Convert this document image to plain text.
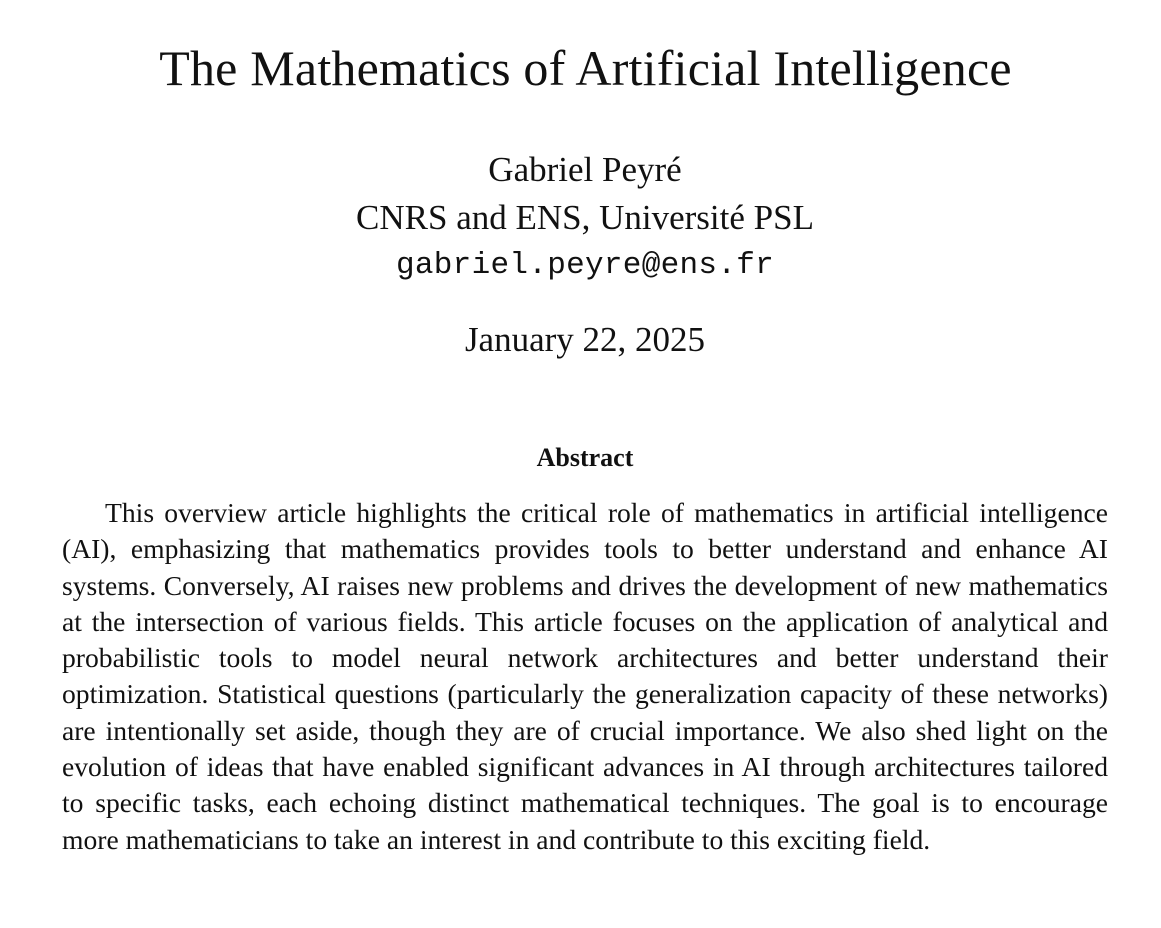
The Mathematics of Artificial Intelligence
Gabriel Peyré
CNRS and ENS, Université PSL
gabriel.peyre@ens.fr
January 22, 2025
Abstract

This overview article highlights the critical role of mathematics in artificial intelligence (AI), emphasizing that mathematics provides tools to better understand and enhance AI systems. Conversely, AI raises new problems and drives the development of new mathematics at the intersection of various fields. This article focuses on the application of analytical and probabilistic tools to model neural network architectures and better understand their optimization. Statistical questions (particularly the generalization capacity of these networks) are intentionally set aside, though they are of crucial importance. We also shed light on the evolution of ideas that have enabled significant advances in AI through architectures tailored to specific tasks, each echoing distinct mathematical techniques. The goal is to encourage more mathematicians to take an interest in and contribute to this exciting field.
